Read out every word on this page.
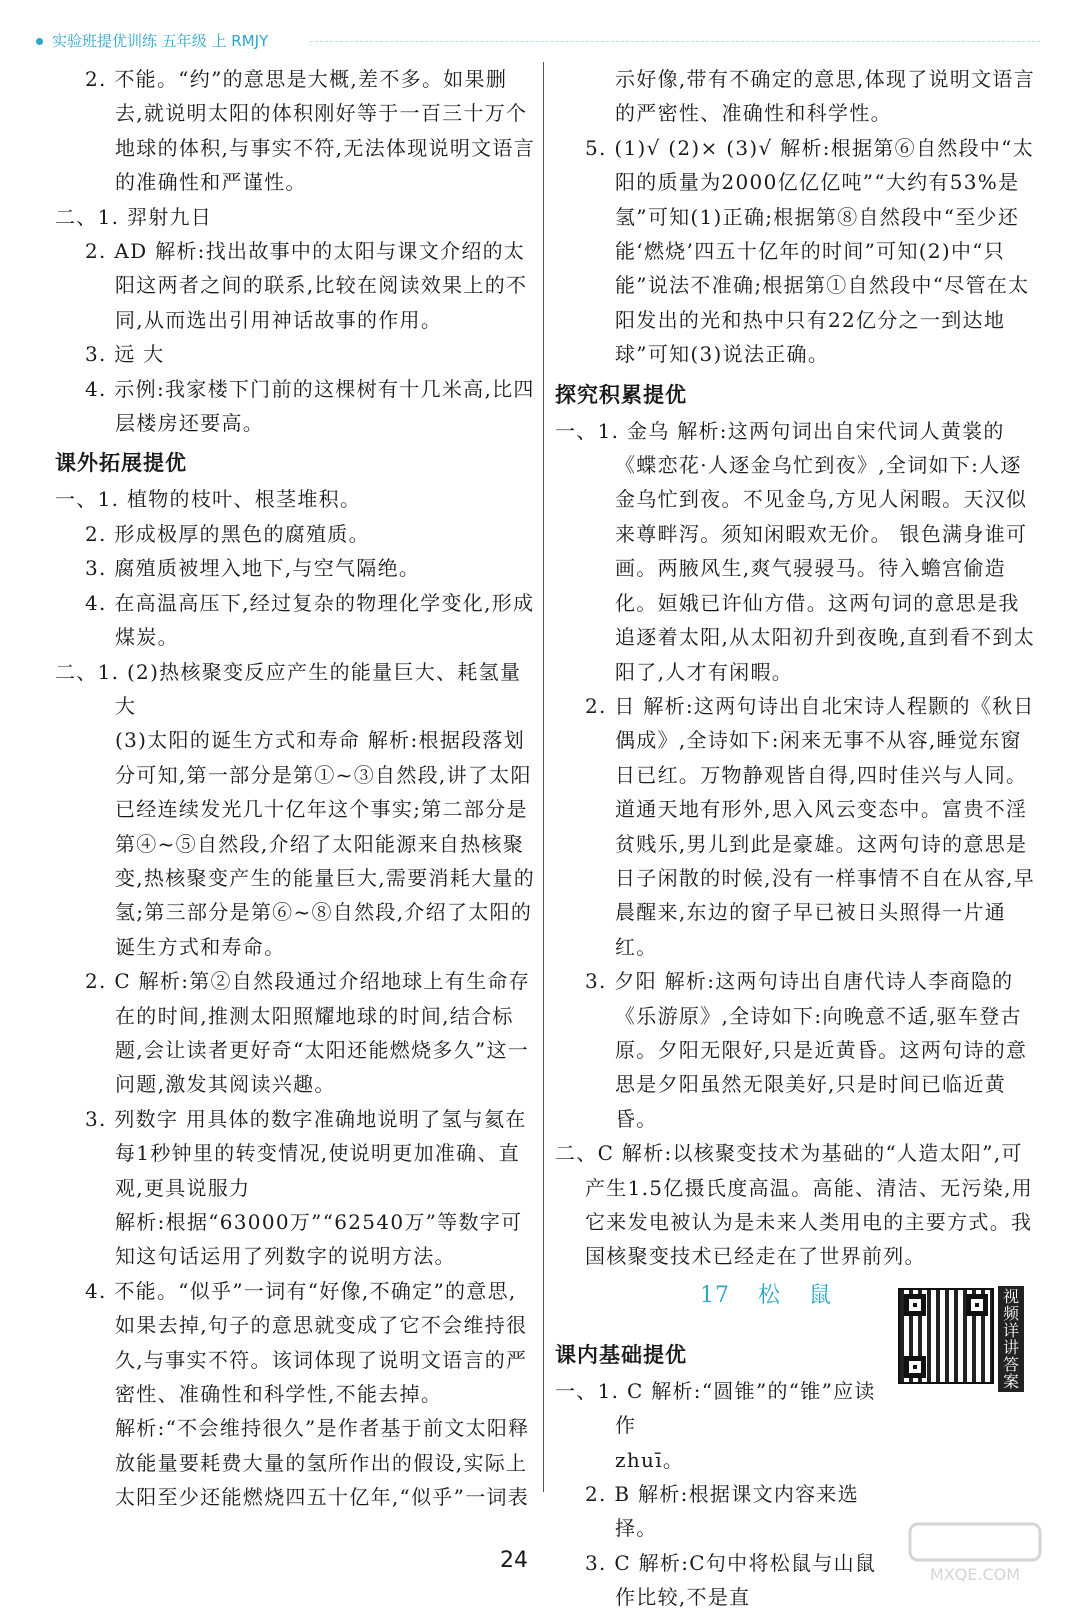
实验班提优训练 五年级 上 RMJY

2. 不能。“约”的意思是大概,差不多。如果删去,就说明太阳的体积刚好等于一百三十万个地球的体积,与事实不符,无法体现说明文语言的准确性和严谨性。

二、1. 羿射九日

2. AD 解析:找出故事中的太阳与课文介绍的太阳这两者之间的联系,比较在阅读效果上的不同,从而选出引用神话故事的作用。

3. 远 大

4. 示例:我家楼下门前的这棵树有十几米高,比四层楼房还要高。

课外拓展提优

一、1. 植物的枝叶、根茎堆积。

2. 形成极厚的黑色的腐殖质。

3. 腐殖质被埋入地下,与空气隔绝。

4. 在高温高压下,经过复杂的物理化学变化,形成煤炭。

二、1. (2)热核聚变反应产生的能量巨大、耗氢量大

(3)太阳的诞生方式和寿命 解析:根据段落划分可知,第一部分是第①~③自然段,讲了太阳已经连续发光几十亿年这个事实;第二部分是第④~⑤自然段,介绍了太阳能源来自热核聚变,热核聚变产生的能量巨大,需要消耗大量的氢;第三部分是第⑥~⑧自然段,介绍了太阳的诞生方式和寿命。

2. C 解析:第②自然段通过介绍地球上有生命存在的时间,推测太阳照耀地球的时间,结合标题,会让读者更好奇“太阳还能燃烧多久”这一问题,激发其阅读兴趣。

3. 列数字 用具体的数字准确地说明了氢与氦在每1秒钟里的转变情况,使说明更加准确、直观,更具说服力

解析:根据“63000万”“62540万”等数字可知这句话运用了列数字的说明方法。

4. 不能。“似乎”一词有“好像,不确定”的意思,如果去掉,句子的意思就变成了它不会维持很久,与事实不符。该词体现了说明文语言的严密性、准确性和科学性,不能去掉。

解析:“不会维持很久”是作者基于前文太阳释放能量要耗费大量的氢所作出的假设,实际上太阳至少还能燃烧四五十亿年,“似乎”一词表

示好像,带有不确定的意思,体现了说明文语言的严密性、准确性和科学性。

5. (1)√ (2)× (3)√ 解析:根据第⑥自然段中“太阳的质量为2000亿亿亿吨”“大约有53%是氢”可知(1)正确;根据第⑧自然段中“至少还能‘燃烧’四五十亿年的时间”可知(2)中“只能”说法不准确;根据第①自然段中“尽管在太阳发出的光和热中只有22亿分之一到达地球”可知(3)说法正确。

探究积累提优

一、1. 金乌 解析:这两句词出自宋代词人黄裳的《蝶恋花·人逐金乌忙到夜》,全词如下:人逐金乌忙到夜。不见金乌,方见人闲暇。天汉似来尊畔泻。须知闲暇欢无价。 银色满身谁可画。两腋风生,爽气骎骎马。待入蟾宫偷造化。姮娥已许仙方借。这两句词的意思是我追逐着太阳,从太阳初升到夜晚,直到看不到太阳了,人才有闲暇。

2. 日 解析:这两句诗出自北宋诗人程颢的《秋日偶成》,全诗如下:闲来无事不从容,睡觉东窗日已红。万物静观皆自得,四时佳兴与人同。道通天地有形外,思入风云变态中。富贵不淫贫贱乐,男儿到此是豪雄。这两句诗的意思是日子闲散的时候,没有一样事情不自在从容,早晨醒来,东边的窗子早已被日头照得一片通红。

3. 夕阳 解析:这两句诗出自唐代诗人李商隐的《乐游原》,全诗如下:向晚意不适,驱车登古原。夕阳无限好,只是近黄昏。这两句诗的意思是夕阳虽然无限美好,只是时间已临近黄昏。

二、C 解析:以核聚变技术为基础的“人造太阳”,可产生1.5亿摄氏度高温。高能、清洁、无污染,用它来发电被认为是未来人类用电的主要方式。我国核聚变技术已经走在了世界前列。

课内基础提优

一、1. C 解析:“圆锥”的“锥”应读作

zhuī。

2. B 解析:根据课文内容来选择。

3. C 解析:C句中将松鼠与山鼠作比较,不是直

17 松 鼠	视频详讲答案
24
MXQE.COM
